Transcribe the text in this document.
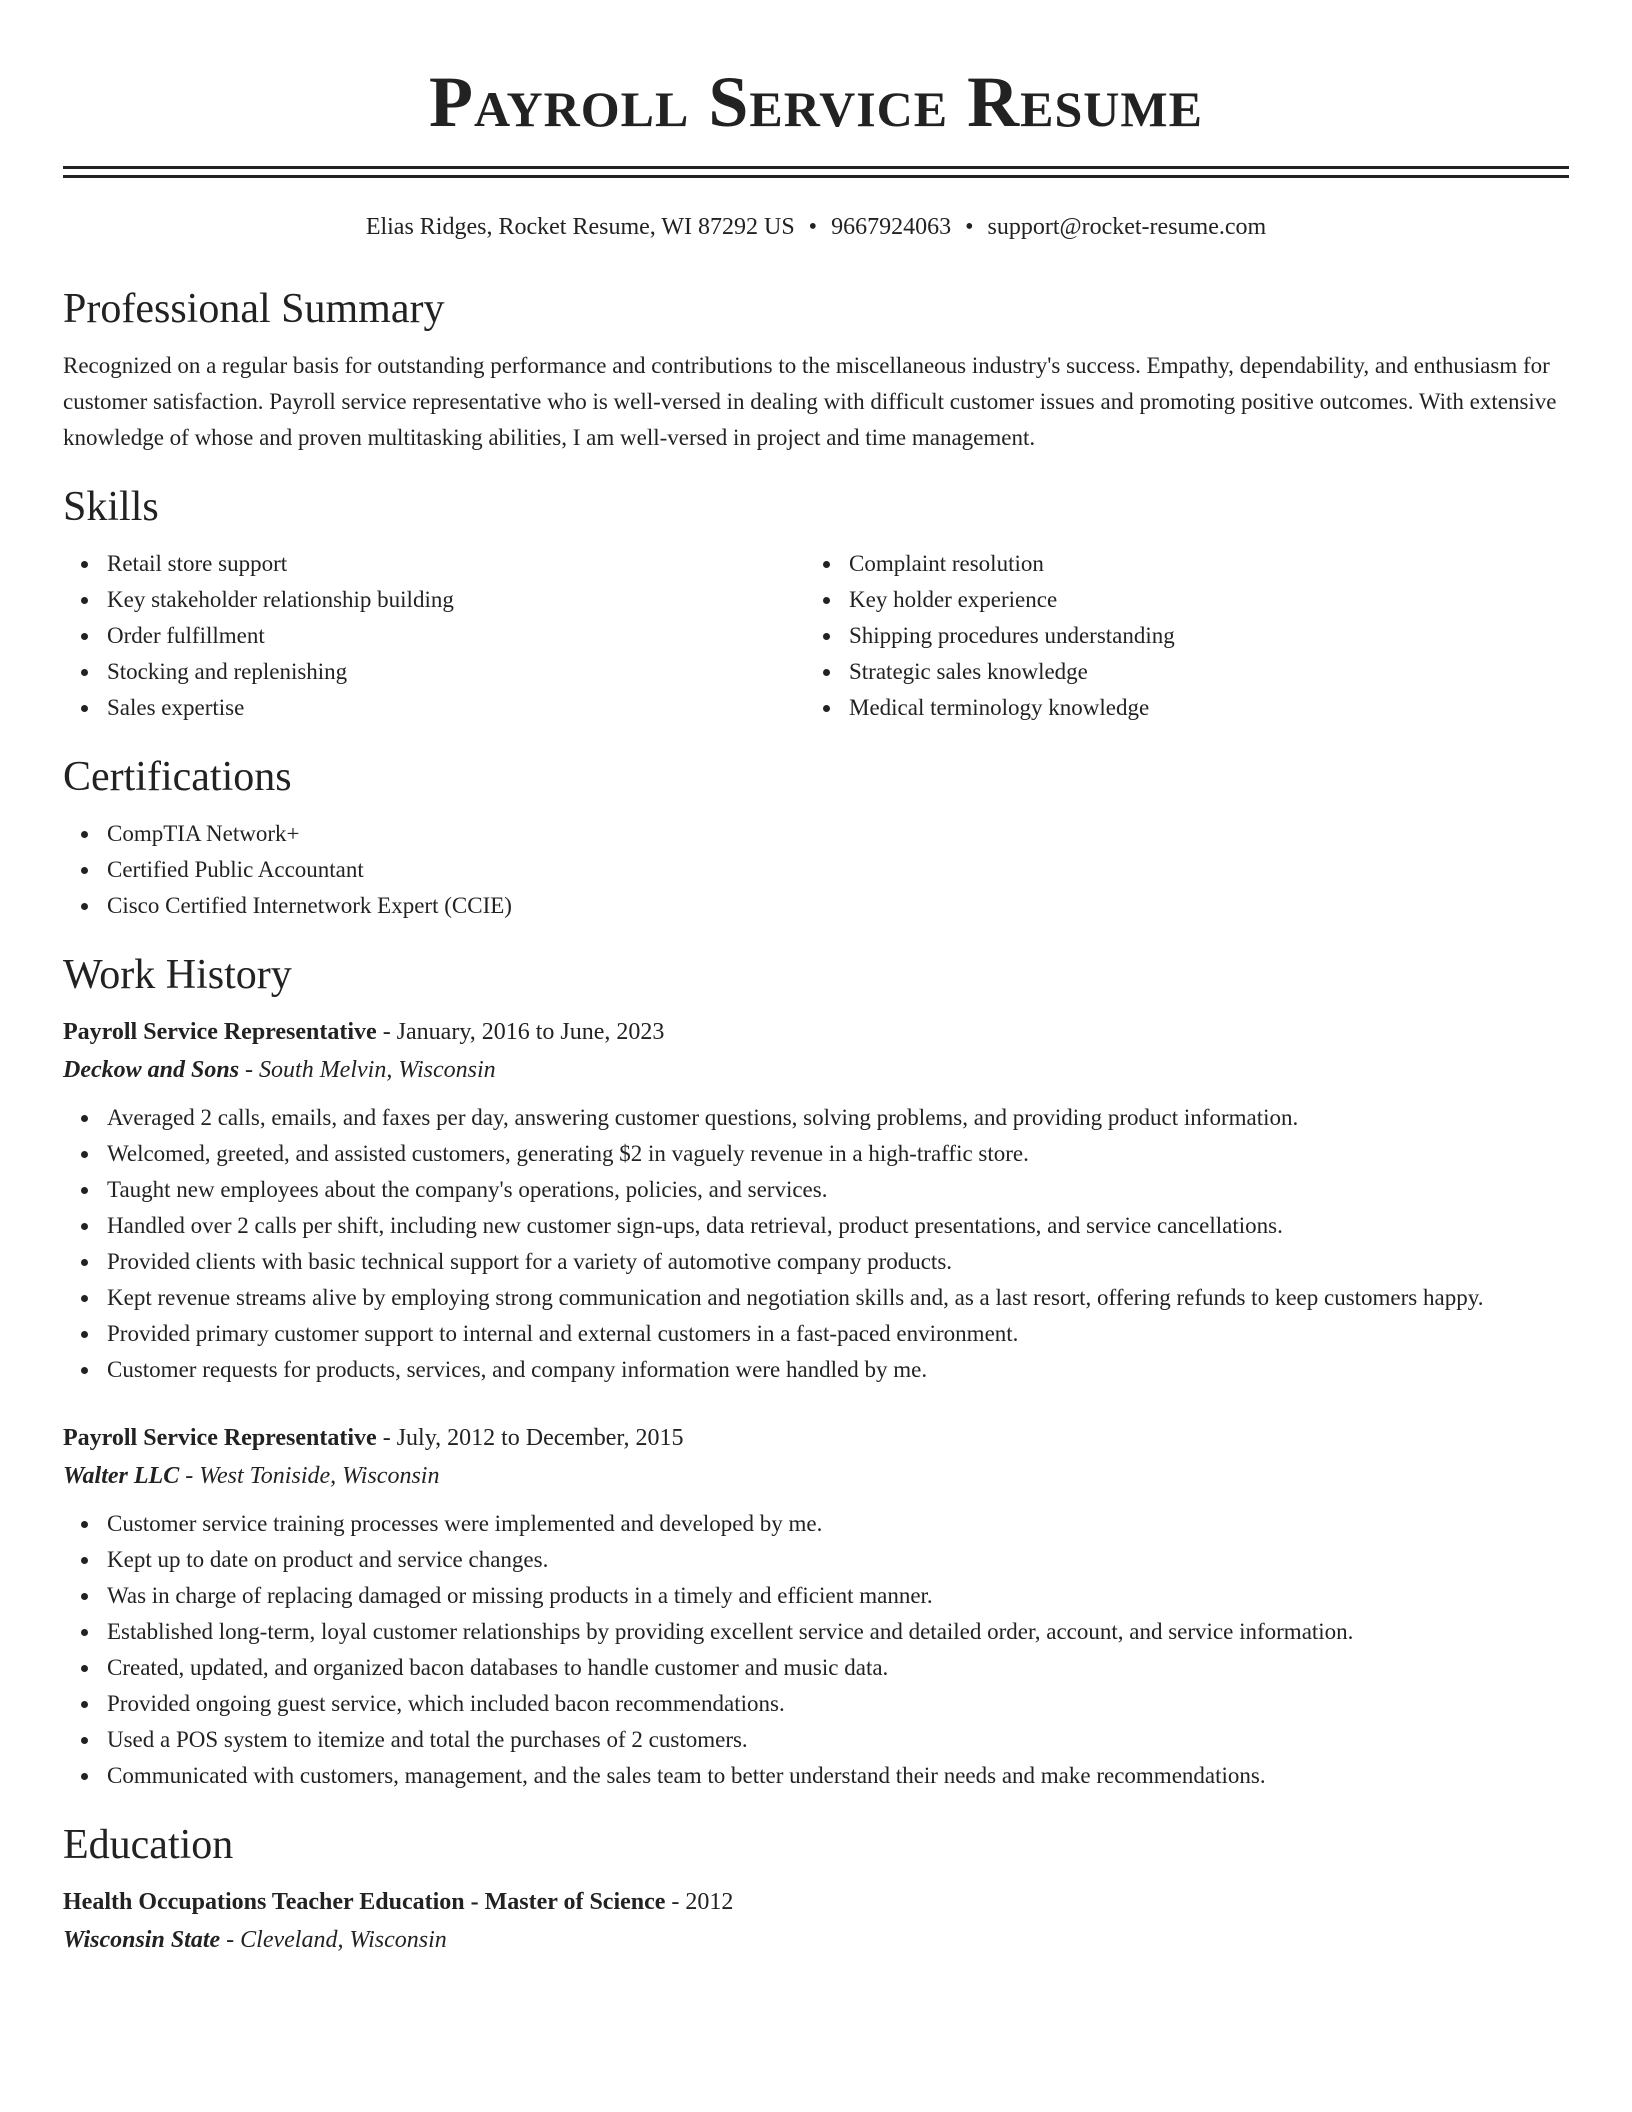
Payroll Service Resume
Elias Ridges, Rocket Resume, WI 87292 US • 9667924063 • support@rocket-resume.com
Professional Summary

Recognized on a regular basis for outstanding performance and contributions to the miscellaneous industry's success. Empathy, dependability, and enthusiasm for customer satisfaction. Payroll service representative who is well-versed in dealing with difficult customer issues and promoting positive outcomes. With extensive knowledge of whose and proven multitasking abilities, I am well-versed in project and time management.

Skills
Retail store support
Key stakeholder relationship building
Order fulfillment
Stocking and replenishing
Sales expertise
Complaint resolution
Key holder experience
Shipping procedures understanding
Strategic sales knowledge
Medical terminology knowledge
Certifications
CompTIA Network+
Certified Public Accountant
Cisco Certified Internetwork Expert (CCIE)
Work History
Payroll Service Representative - January, 2016 to June, 2023
Deckow and Sons - South Melvin, Wisconsin
Averaged 2 calls, emails, and faxes per day, answering customer questions, solving problems, and providing product information.
Welcomed, greeted, and assisted customers, generating $2 in vaguely revenue in a high-traffic store.
Taught new employees about the company's operations, policies, and services.
Handled over 2 calls per shift, including new customer sign-ups, data retrieval, product presentations, and service cancellations.
Provided clients with basic technical support for a variety of automotive company products.
Kept revenue streams alive by employing strong communication and negotiation skills and, as a last resort, offering refunds to keep customers happy.
Provided primary customer support to internal and external customers in a fast-paced environment.
Customer requests for products, services, and company information were handled by me.
Payroll Service Representative - July, 2012 to December, 2015
Walter LLC - West Toniside, Wisconsin
Customer service training processes were implemented and developed by me.
Kept up to date on product and service changes.
Was in charge of replacing damaged or missing products in a timely and efficient manner.
Established long-term, loyal customer relationships by providing excellent service and detailed order, account, and service information.
Created, updated, and organized bacon databases to handle customer and music data.
Provided ongoing guest service, which included bacon recommendations.
Used a POS system to itemize and total the purchases of 2 customers.
Communicated with customers, management, and the sales team to better understand their needs and make recommendations.
Education
Health Occupations Teacher Education - Master of Science - 2012
Wisconsin State - Cleveland, Wisconsin
